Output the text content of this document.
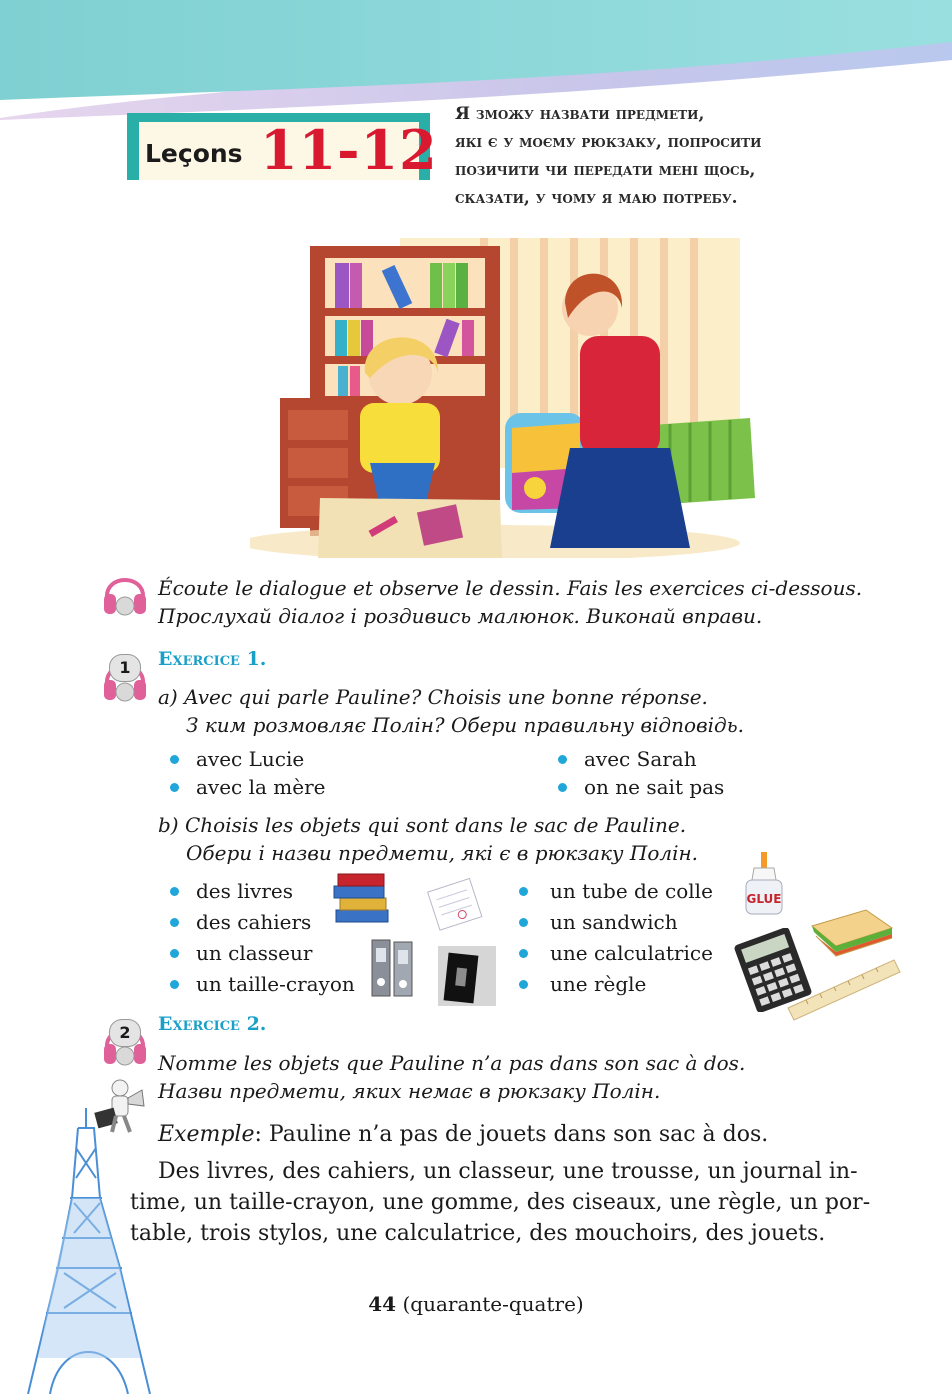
Leçons 11-12
Я зможу назвати предмети,
які є у моєму рюкзаку, попросити
позичити чи передати мені щось,
сказати, у чому я маю потребу.
Écoute le dialogue et observe le dessin. Fais les exercices ci-dessous.
Прослухай діалог і роздивись малюнок. Виконай вправи.
1	Exercice 1.
a) Avec qui parle Pauline? Choisis une bonne réponse.
З ким розмовляє Полін? Обери правильну відповідь.
avec Lucie	avec Sarah
avec la mère	on ne sait pas
b) Choisis les objets qui sont dans le sac de Pauline.
Обери і назви предмети, які є в рюкзаку Полін.
des livres
des cahiers
un classeur
un taille-crayon
un tube de colle
un sandwich
une calculatrice
une règle
GLUE
2	Exercice 2.
Nomme les objets que Pauline n’a pas dans son sac à dos.
Назви предмети, яких немає в рюкзаку Полін.
Exemple: Pauline n’a pas de jouets dans son sac à dos.
Des livres, des cahiers, un classeur, une trousse, un journal in-
time, un taille-crayon, une gomme, des ciseaux, une règle, un por-
table, trois stylos, une calculatrice, des mouchoirs, des jouets.
44 (quarante-quatre)
